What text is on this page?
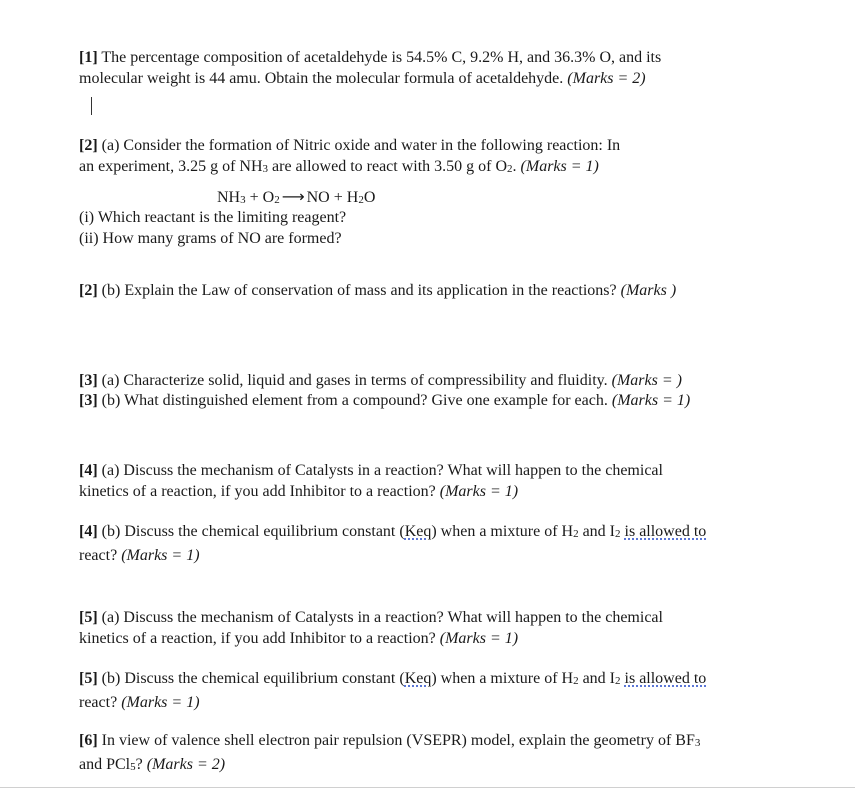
[1] The percentage composition of acetaldehyde is 54.5% C, 9.2% H, and 36.3% O, and its
molecular weight is 44 amu. Obtain the molecular formula of acetaldehyde. (Marks = 2)
[2] (a) Consider the formation of Nitric oxide and water in the following reaction: In
an experiment, 3.25 g of NH3 are allowed to react with 3.50 g of O2. (Marks = 1)
NH3 + O2 ⟶ NO + H2O
(i) Which reactant is the limiting reagent?
(ii) How many grams of NO are formed?
[2] (b) Explain the Law of conservation of mass and its application in the reactions? (Marks )
[3] (a) Characterize solid, liquid and gases in terms of compressibility and fluidity. (Marks = )
[3] (b) What distinguished element from a compound? Give one example for each. (Marks = 1)
[4] (a) Discuss the mechanism of Catalysts in a reaction? What will happen to the chemical
kinetics of a reaction, if you add Inhibitor to a reaction? (Marks = 1)
[4] (b) Discuss the chemical equilibrium constant (Keq) when a mixture of H2 and I2 is allowed to
react? (Marks = 1)
[5] (a) Discuss the mechanism of Catalysts in a reaction? What will happen to the chemical
kinetics of a reaction, if you add Inhibitor to a reaction? (Marks = 1)
[5] (b) Discuss the chemical equilibrium constant (Keq) when a mixture of H2 and I2 is allowed to
react? (Marks = 1)
[6] In view of valence shell electron pair repulsion (VSEPR) model, explain the geometry of BF3
and PCl5? (Marks = 2)
